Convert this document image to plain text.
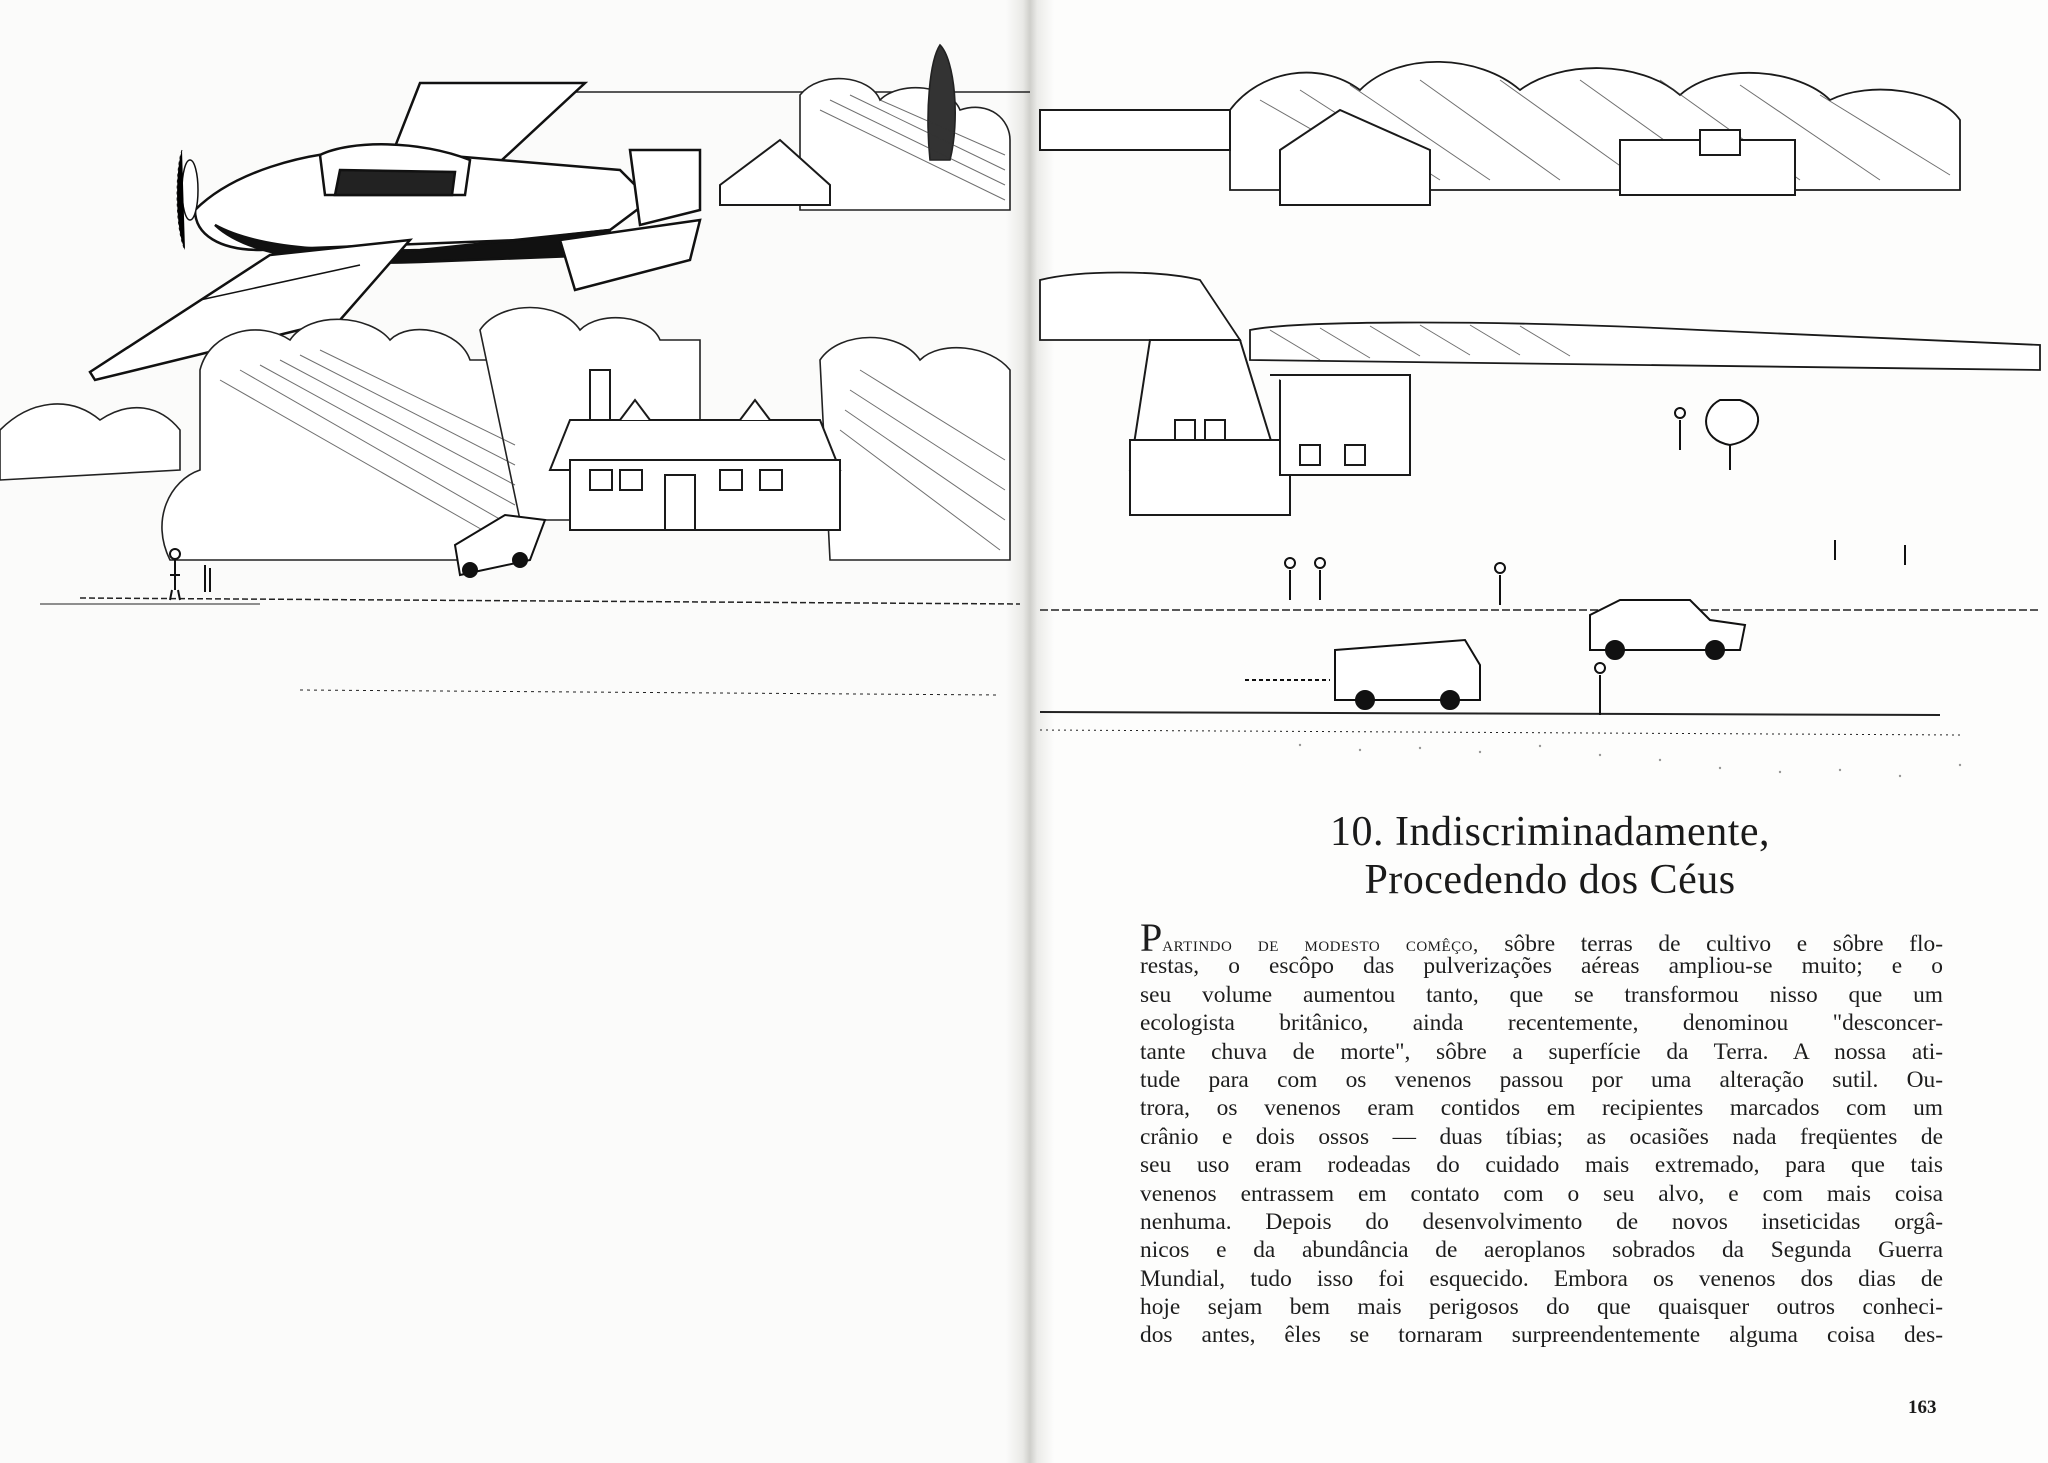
10. Indiscriminadamente,
Procedendo dos Céus
Partindo de modesto comêço, sôbre terras de cultivo e sôbre flo-
restas, o escôpo das pulverizações aéreas ampliou-se muito; e o
seu volume aumentou tanto, que se transformou nisso que um
ecologista britânico, ainda recentemente, denominou "desconcer-
tante chuva de morte", sôbre a superfície da Terra. A nossa ati-
tude para com os venenos passou por uma alteração sutil. Ou-
trora, os venenos eram contidos em recipientes marcados com um
crânio e dois ossos — duas tíbias; as ocasiões nada freqüentes de
seu uso eram rodeadas do cuidado mais extremado, para que tais
venenos entrassem em contato com o seu alvo, e com mais coisa
nenhuma. Depois do desenvolvimento de novos inseticidas orgâ-
nicos e da abundância de aeroplanos sobrados da Segunda Guerra
Mundial, tudo isso foi esquecido. Embora os venenos dos dias de
hoje sejam bem mais perigosos do que quaisquer outros conheci-
dos antes, êles se tornaram surpreendentemente alguma coisa des-
163
